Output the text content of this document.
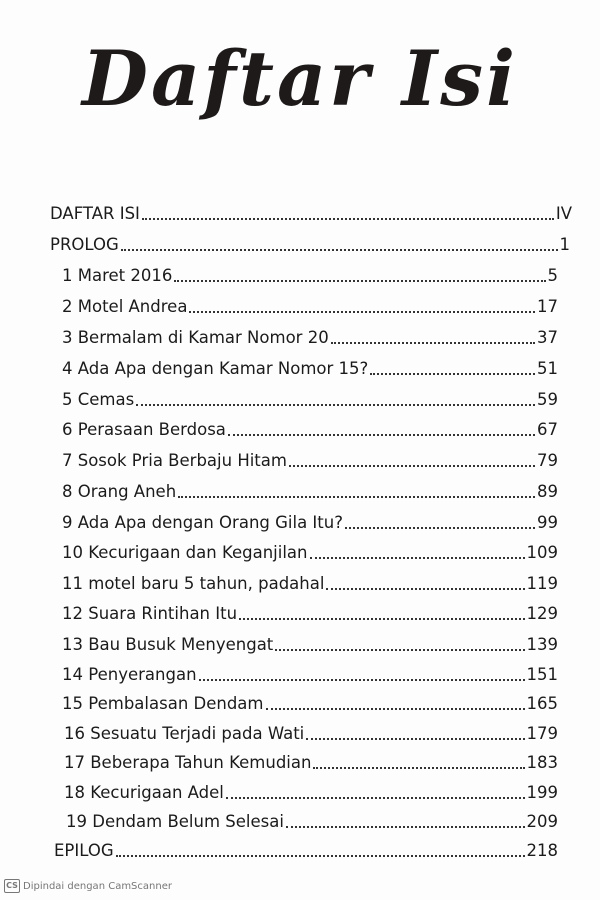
Daftar Isi
DAFTAR ISI	IV
PROLOG	1
1 Maret 2016	5
2 Motel Andrea	17
3 Bermalam di Kamar Nomor 20	37
4 Ada Apa dengan Kamar Nomor 15?	51
5 Cemas	59
6 Perasaan Berdosa	67
7 Sosok Pria Berbaju Hitam	79
8 Orang Aneh	89
9 Ada Apa dengan Orang Gila Itu?	99
10 Kecurigaan dan Keganjilan	109
11 motel baru 5 tahun, padahal	119
12 Suara Rintihan Itu	129
13 Bau Busuk Menyengat	139
14 Penyerangan	151
15 Pembalasan Dendam	165
16 Sesuatu Terjadi pada Wati	179
17 Beberapa Tahun Kemudian	183
18 Kecurigaan Adel	199
19 Dendam Belum Selesai	209
EPILOG	218
CS Dipindai dengan CamScanner
